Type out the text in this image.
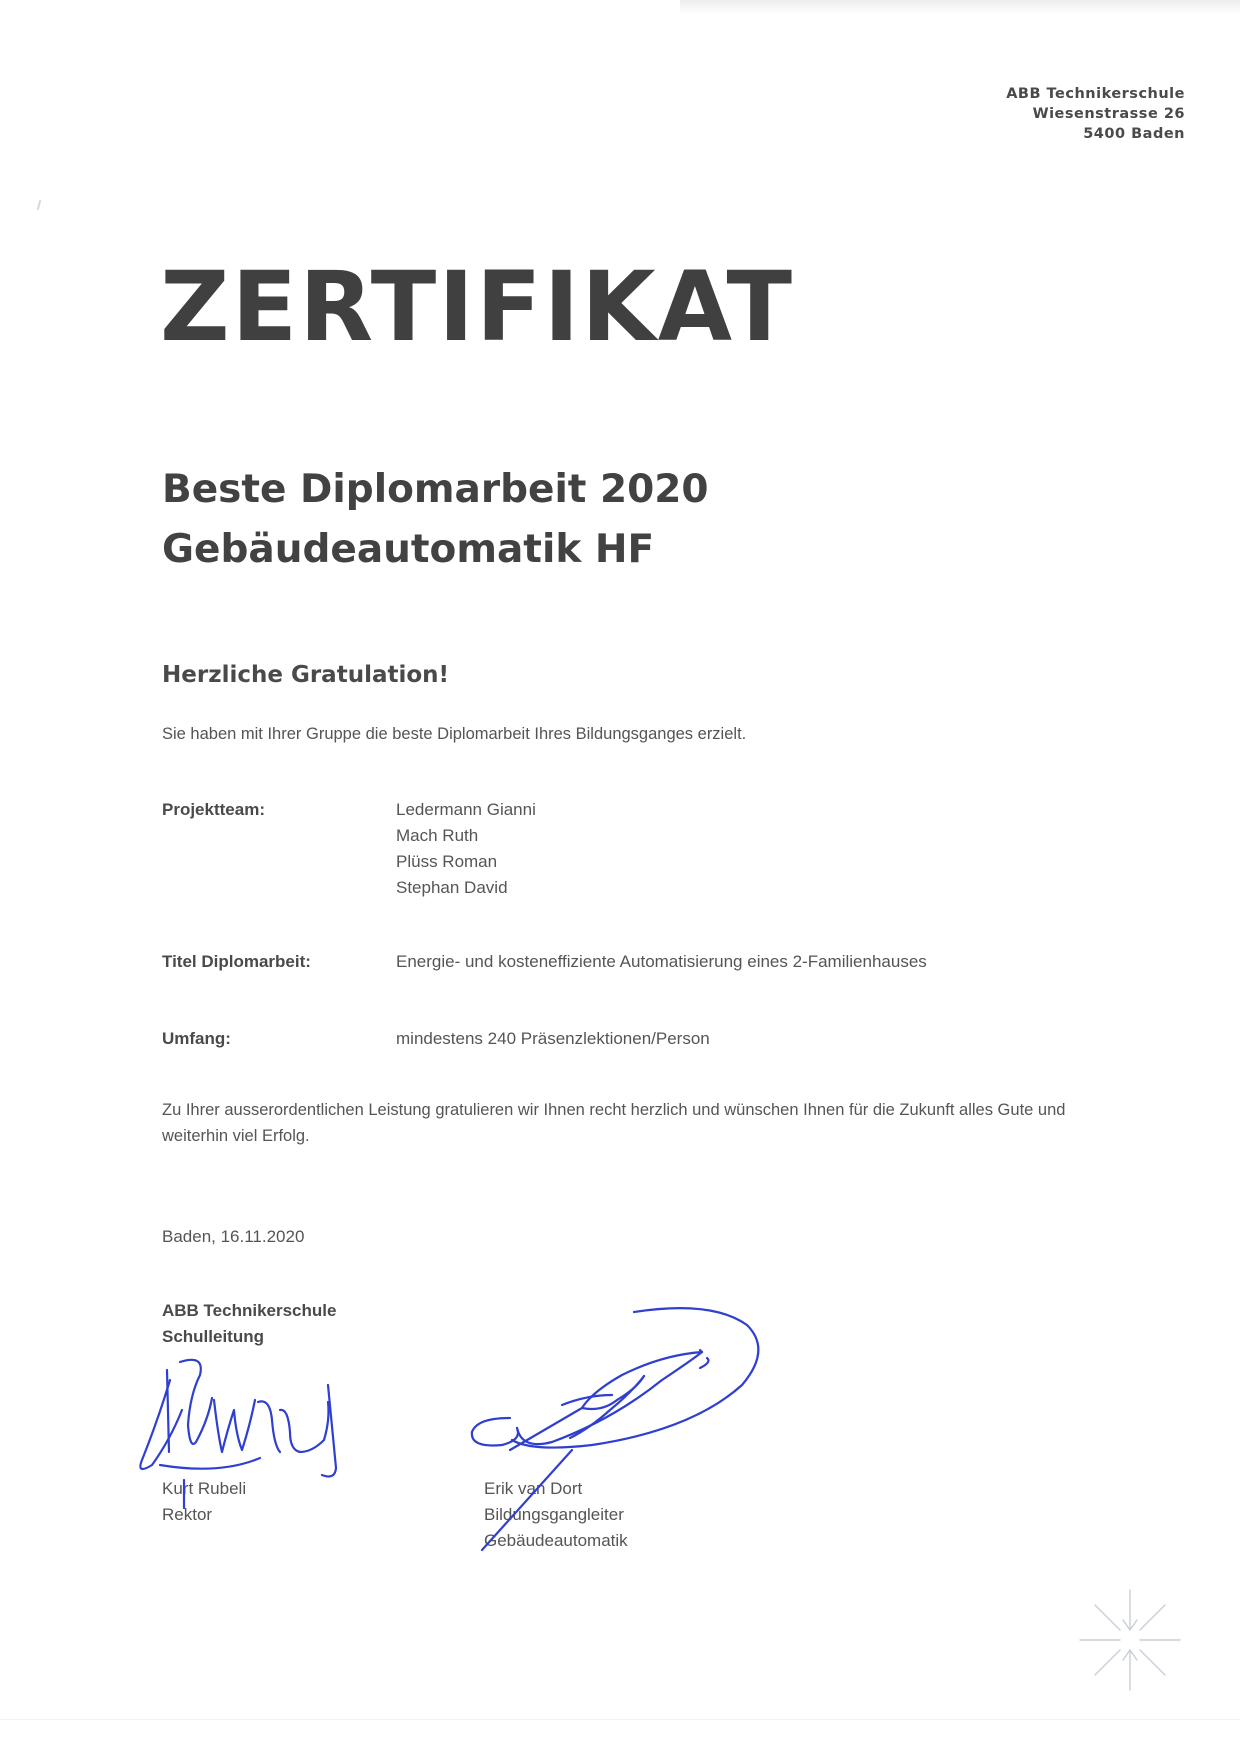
ABB Technikerschule
Wiesenstrasse 26
5400 Baden
ZERTIFIKAT
Beste Diplomarbeit 2020
Gebäudeautomatik HF
Herzliche Gratulation!
Sie haben mit Ihrer Gruppe die beste Diplomarbeit Ihres Bildungsganges erzielt.
Projektteam:	Ledermann Gianni
Mach Ruth
Plüss Roman
Stephan David
Titel Diplomarbeit:	Energie- und kosteneffiziente Automatisierung eines 2-Familienhauses
Umfang:	mindestens 240 Präsenzlektionen/Person
Zu Ihrer ausserordentlichen Leistung gratulieren wir Ihnen recht herzlich und wünschen Ihnen für die Zukunft alles Gute und weiterhin viel Erfolg.
Baden, 16.11.2020
ABB Technikerschule
Schulleitung
Kurt Rubeli
Rektor
Erik van Dort
Bildungsgangleiter
Gebäudeautomatik
